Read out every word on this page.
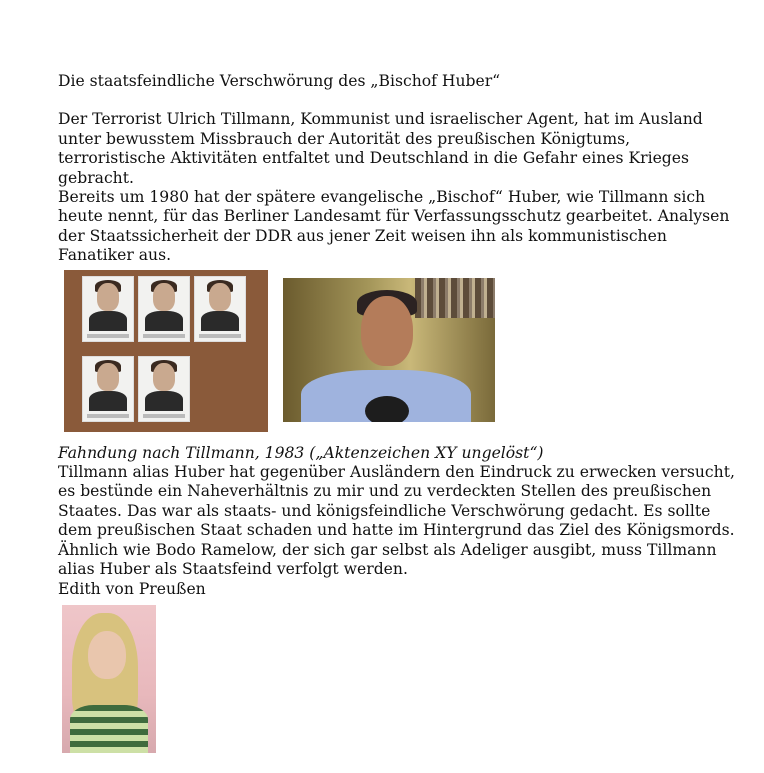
Die staatsfeindliche Verschwörung des „Bischof Huber“

Der Terrorist Ulrich Tillmann, Kommunist und israelischer Agent, hat im Ausland unter bewusstem Missbrauch der Autorität des preußischen Königtums, terroristische Aktivitäten entfaltet und Deutschland in die Gefahr eines Krieges gebracht.

Bereits um 1980 hat der spätere evangelische „Bischof“ Huber, wie Tillmann sich heute nennt, für das Berliner Landesamt für Verfassungsschutz gearbeitet. Analysen der Staatssicherheit der DDR aus jener Zeit weisen ihn als kommunistischen Fanatiker aus.

Fahndung nach Tillmann, 1983 („Aktenzeichen XY ungelöst“)

Tillmann alias Huber hat gegenüber Ausländern den Eindruck zu erwecken versucht, es bestünde ein Naheverhältnis zu mir und zu verdeckten Stellen des preußischen Staates. Das war als staats- und königsfeindliche Verschwörung gedacht. Es sollte dem preußischen Staat schaden und hatte im Hintergrund das Ziel des Königsmords.

Ähnlich wie Bodo Ramelow, der sich gar selbst als Adeliger ausgibt, muss Tillmann alias Huber als Staatsfeind verfolgt werden.

Edith von Preußen
